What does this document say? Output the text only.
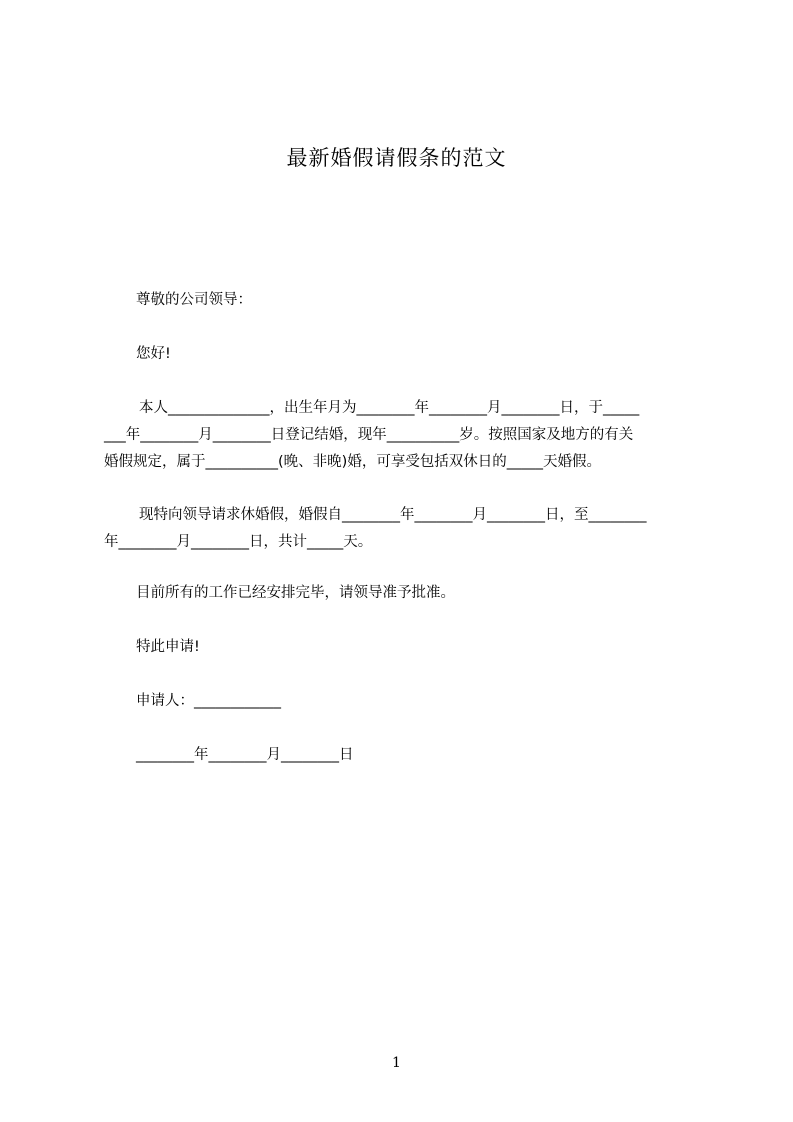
最新婚假请假条的范文
尊敬的公司领导：
您好!
本人______________，出生年月为________年________月________日，于_____
___年________月________日登记结婚，现年__________岁。按照国家及地方的有关
婚假规定，属于__________(晚、非晚)婚，可享受包括双休日的_____天婚假。
现特向领导请求休婚假，婚假自________年________月________日，至________
年________月________日，共计_____天。
目前所有的工作已经安排完毕，请领导准予批准。
特此申请!
申请人：____________
________年________月________日
1
